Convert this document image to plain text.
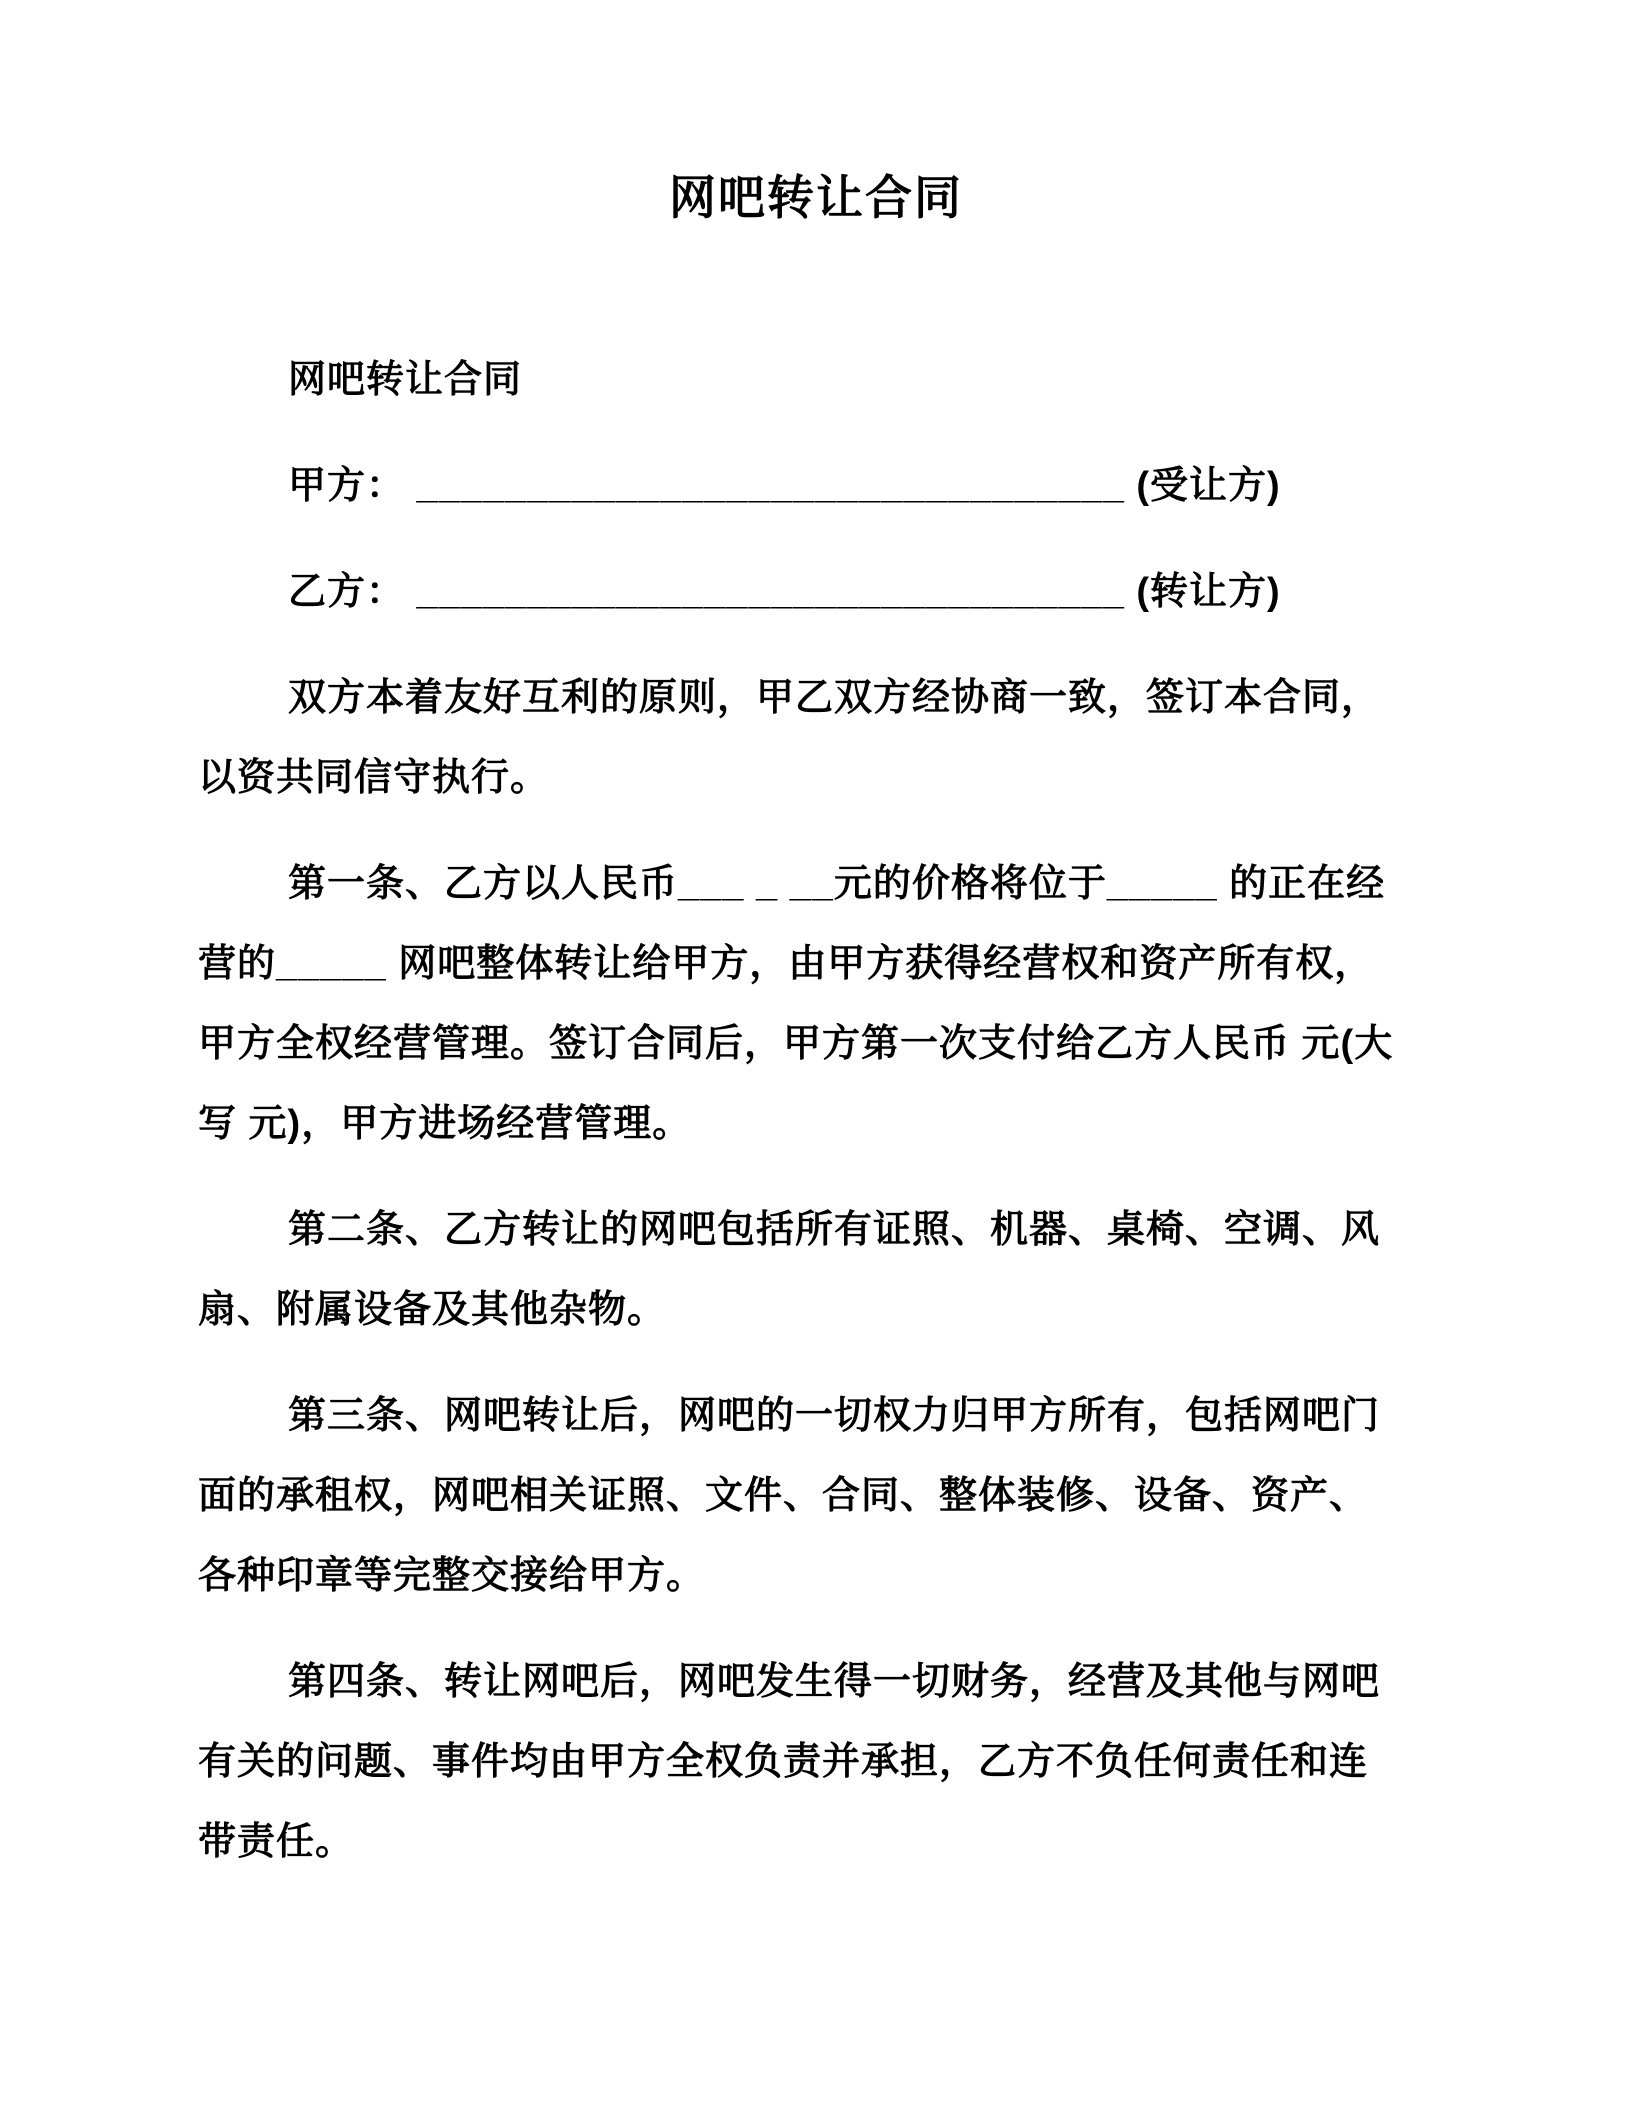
网吧转让合同
网吧转让合同
甲方： ________________________________ (受让方)
乙方： ________________________________ (转让方)
双方本着友好互利的原则，甲乙双方经协商一致，签订本合同，
以资共同信守执行。
第一条、乙方以人民币___ _ __元的价格将位于_____ 的正在经
营的_____ 网吧整体转让给甲方，由甲方获得经营权和资产所有权，
甲方全权经营管理。签订合同后，甲方第一次支付给乙方人民币 元(大
写 元)，甲方进场经营管理。
第二条、乙方转让的网吧包括所有证照、机器、桌椅、空调、风
扇、附属设备及其他杂物。
第三条、网吧转让后，网吧的一切权力归甲方所有，包括网吧门
面的承租权，网吧相关证照、文件、合同、整体装修、设备、资产、
各种印章等完整交接给甲方。
第四条、转让网吧后，网吧发生得一切财务，经营及其他与网吧
有关的问题、事件均由甲方全权负责并承担，乙方不负任何责任和连
带责任。
